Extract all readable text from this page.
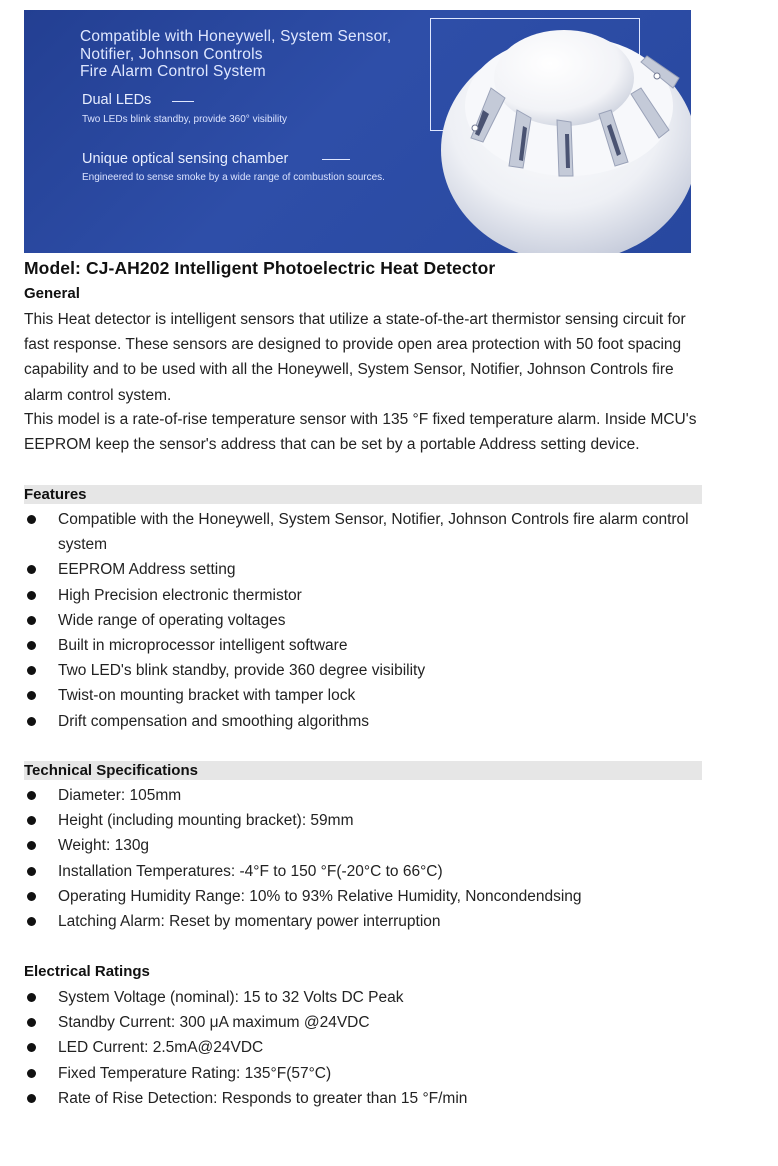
Compatible with Honeywell, System Sensor,
Notifier, Johnson Controls
Fire Alarm Control System
Dual LEDs
Two LEDs blink standby, provide 360° visibility
Unique optical sensing chamber
Engineered to sense smoke by a wide range of combustion sources.
Model: CJ-AH202 Intelligent Photoelectric Heat Detector
General
This Heat detector is intelligent sensors that utilize a state-of-the-art thermistor sensing circuit for fast response. These sensors are designed to provide open area protection with 50 foot spacing capability and to be used with all the Honeywell, System Sensor, Notifier, Johnson Controls fire alarm control system.
This model is a rate-of-rise temperature sensor with 135 °F fixed temperature alarm. Inside MCU's EEPROM keep the sensor's address that can be set by a portable Address setting device.
Features
Compatible with the Honeywell, System Sensor, Notifier, Johnson Controls fire alarm control system
EEPROM Address setting
High Precision electronic thermistor
Wide range of operating voltages
Built in microprocessor intelligent software
Two LED's blink standby, provide 360 degree visibility
Twist-on mounting bracket with tamper lock
Drift compensation and smoothing algorithms
Technical Specifications
Diameter: 105mm
Height (including mounting bracket): 59mm
Weight: 130g
Installation Temperatures: -4°F to 150 °F(-20°C to 66°C)
Operating Humidity Range: 10% to 93% Relative Humidity, Noncondendsing
Latching Alarm: Reset by momentary power interruption
Electrical Ratings
System Voltage (nominal): 15 to 32 Volts DC Peak
Standby Current: 300 μA maximum @24VDC
LED Current: 2.5mA@24VDC
Fixed Temperature Rating: 135°F(57°C)
Rate of Rise Detection: Responds to greater than 15 °F/min
